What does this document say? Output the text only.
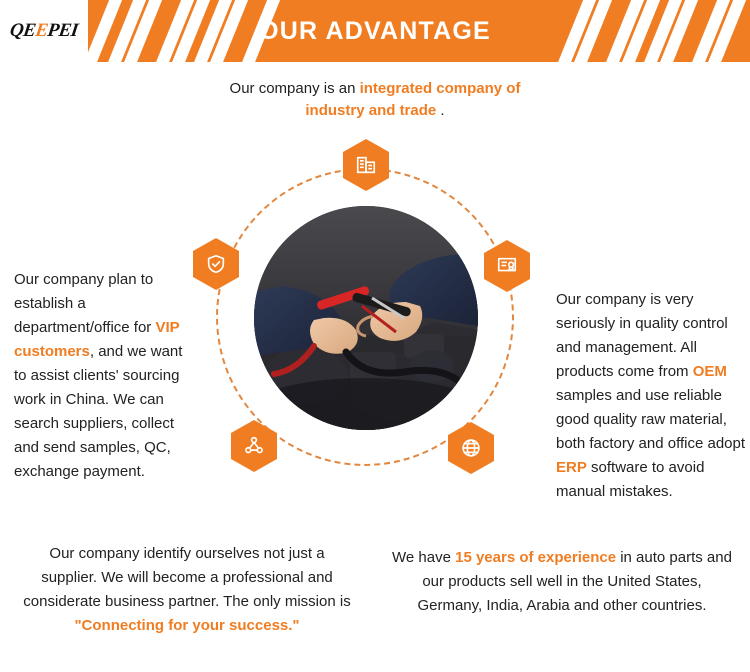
QEEPEI	OUR ADVANTAGE
Our company is an integrated company of industry and trade .
Our company plan to establish a department/office for VIP customers, and we want to assist clients' sourcing work in China. We can search suppliers, collect and send samples, QC, exchange payment.
Our company is very seriously in quality control and management. All products come from OEM samples and use reliable good quality raw material, both factory and office adopt ERP software to avoid manual mistakes.
Our company identify ourselves not just a supplier. We will become a professional and considerate business partner. The only mission is "Connecting for your success."
We have 15 years of experience in auto parts and our products sell well in the United States, Germany, India, Arabia and other countries.
